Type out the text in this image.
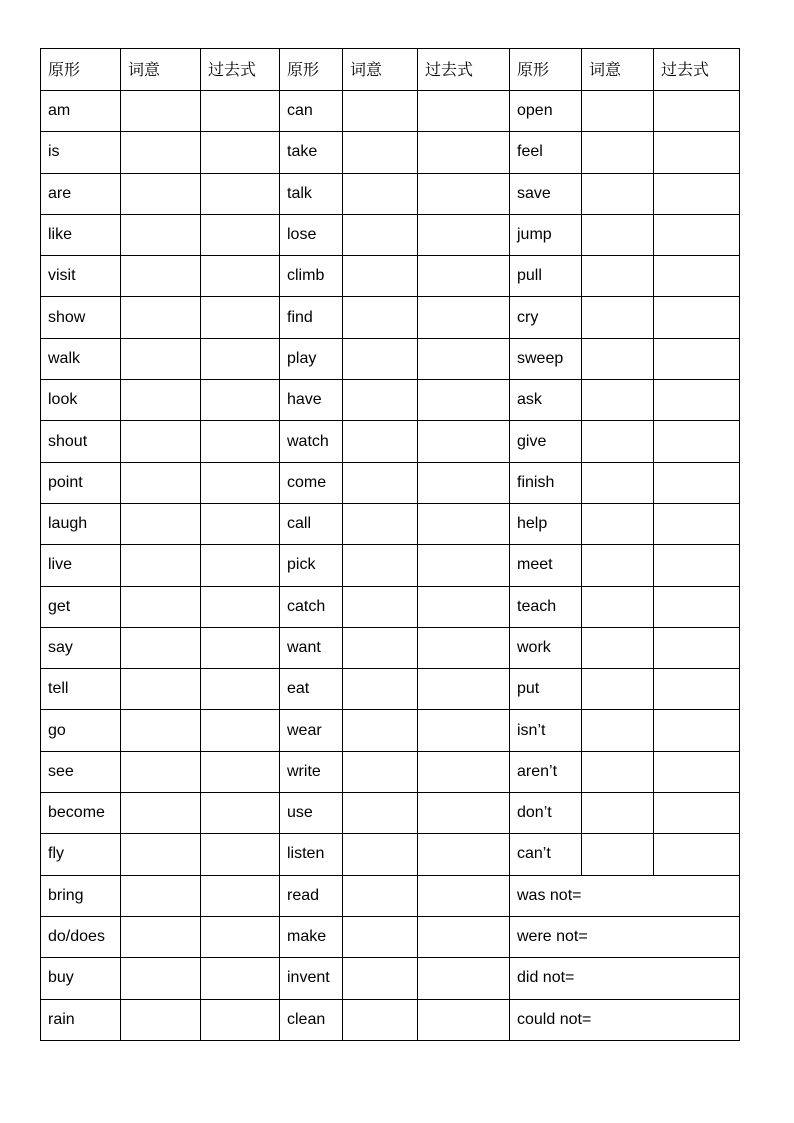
原形	词意	过去式	原形	词意	过去式	原形	词意	过去式
am			can			open		
is			take			feel		
are			talk			save		
like			lose			jump		
visit			climb			pull		
show			find			cry		
walk			play			sweep		
look			have			ask		
shout			watch			give		
point			come			finish		
laugh			call			help		
live			pick			meet		
get			catch			teach		
say			want			work		
tell			eat			put		
go			wear			isn’t		
see			write			aren’t		
become			use			don’t		
fly			listen			can’t		
bring			read			was not=		
do/does			make			were not=		
buy			invent			did not=		
rain			clean			could not=		
